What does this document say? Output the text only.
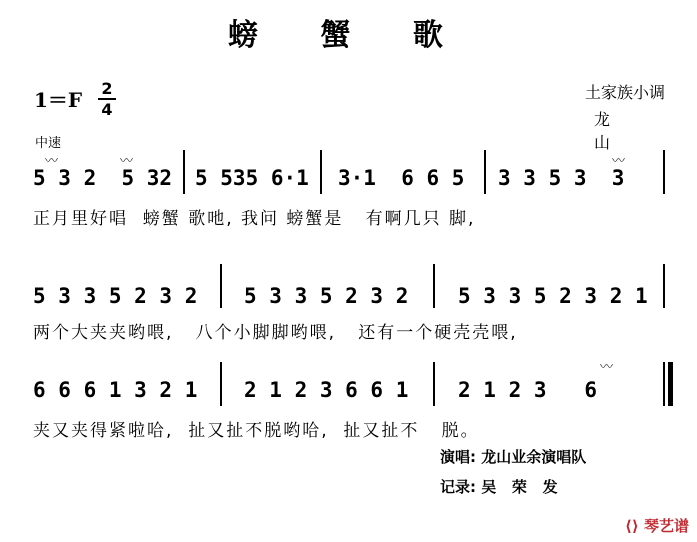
螃 蟹 歌
1＝F 2
4
土家族小调
龙 山
中速
5 3 2  5 32 5 535 6·1 3·1  6 6 5 3 3 5 3  3
正月里好唱  螃蟹 歌吔, 我问 螃蟹是   有啊几只 脚,
5 3 3 5 2 3 2 5 3 3 5 2 3 2 5 3 3 5 2 3 2 1
两个大夹夹哟喂,   八个小脚脚哟喂,   还有一个硬壳壳喂,
6 6 6 1 3 2 1 2 1 2 3 6 6 1 2 1 2 3   6
夹又夹得紧啦哈,  扯又扯不脱哟哈,  扯又扯不   脱。
〰	〰	〰
〰
演唱: 龙山业余演唱队
记录: 吴   荣   发
⟨⟩ 琴艺谱
